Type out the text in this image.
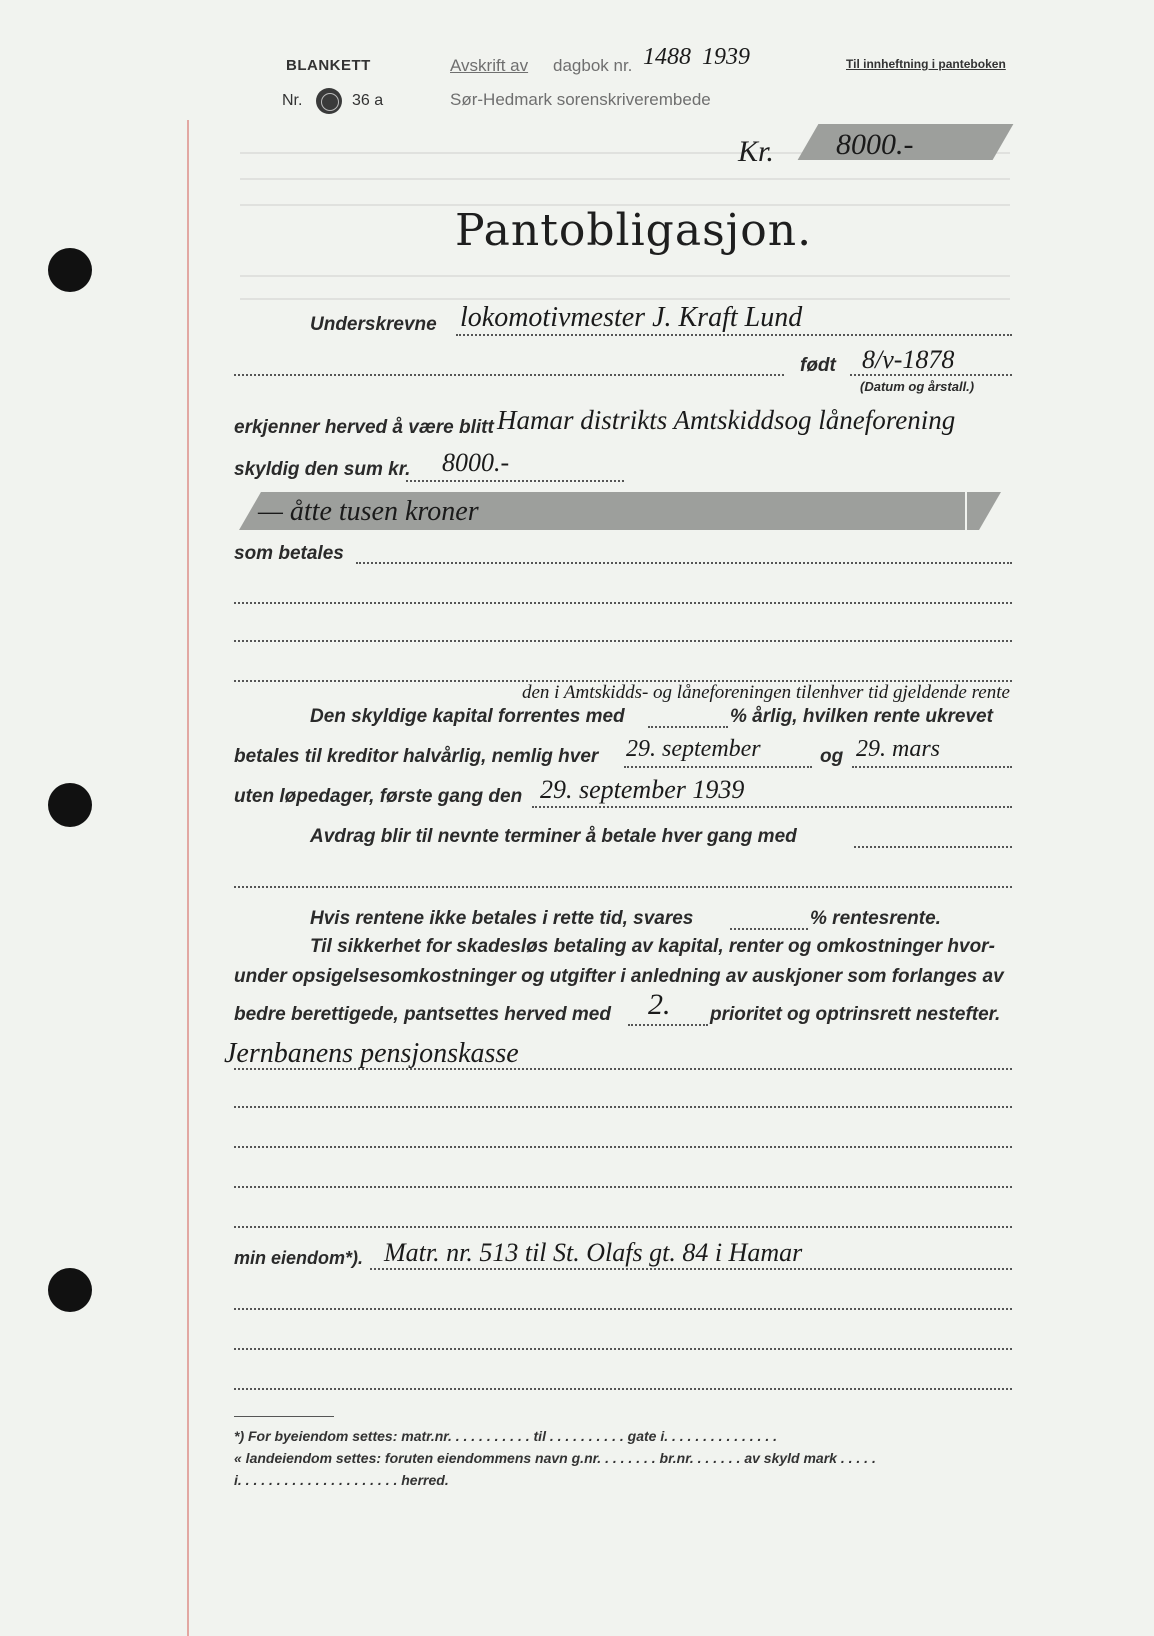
BLANKETT
Nr.	36 a
Avskrift av dagbok nr. 1488 1939
Sør-Hedmark sorenskriverembede
Til innheftning i panteboken
Kr. 8000.-
Pantobligasjon.
Underskrevne lokomotivmester J. Kraft Lund
født 8/v-1878
(Datum og årstall.)
erkjenner herved å være blitt Hamar distrikts Amtskiddsog låneforening
skyldig den sum kr. 8000.-
— åtte tusen kroner
som betales
den i Amtskidds- og låneforeningen tilenhver tid gjeldende rente
Den skyldige kapital forrentes med	% årlig, hvilken rente ukrevet
betales til kreditor halvårlig, nemlig hver 29. september	og 29. mars
uten løpedager, første gang den 29. september 1939
Avdrag blir til nevnte terminer å betale hver gang med
Hvis rentene ikke betales i rette tid, svares	% rentesrente.
Til sikkerhet for skadesløs betaling av kapital, renter og omkostninger hvor-
under opsigelsesomkostninger og utgifter i anledning av auskjoner som forlanges av
bedre berettigede, pantsettes herved med 2. prioritet og optrinsrett nestefter.
Jernbanens pensjonskasse
min eiendom*). Matr. nr. 513 til St. Olafs gt. 84 i Hamar
*) For byeiendom settes: matr.nr. . . . . . . . . . . til . . . . . . . . . . gate i. . . . . . . . . . . . . . .
« landeiendom settes: foruten eiendommens navn g.nr. . . . . . . . br.nr. . . . . . . av skyld mark . . . . .
i. . . . . . . . . . . . . . . . . . . . . herred.
